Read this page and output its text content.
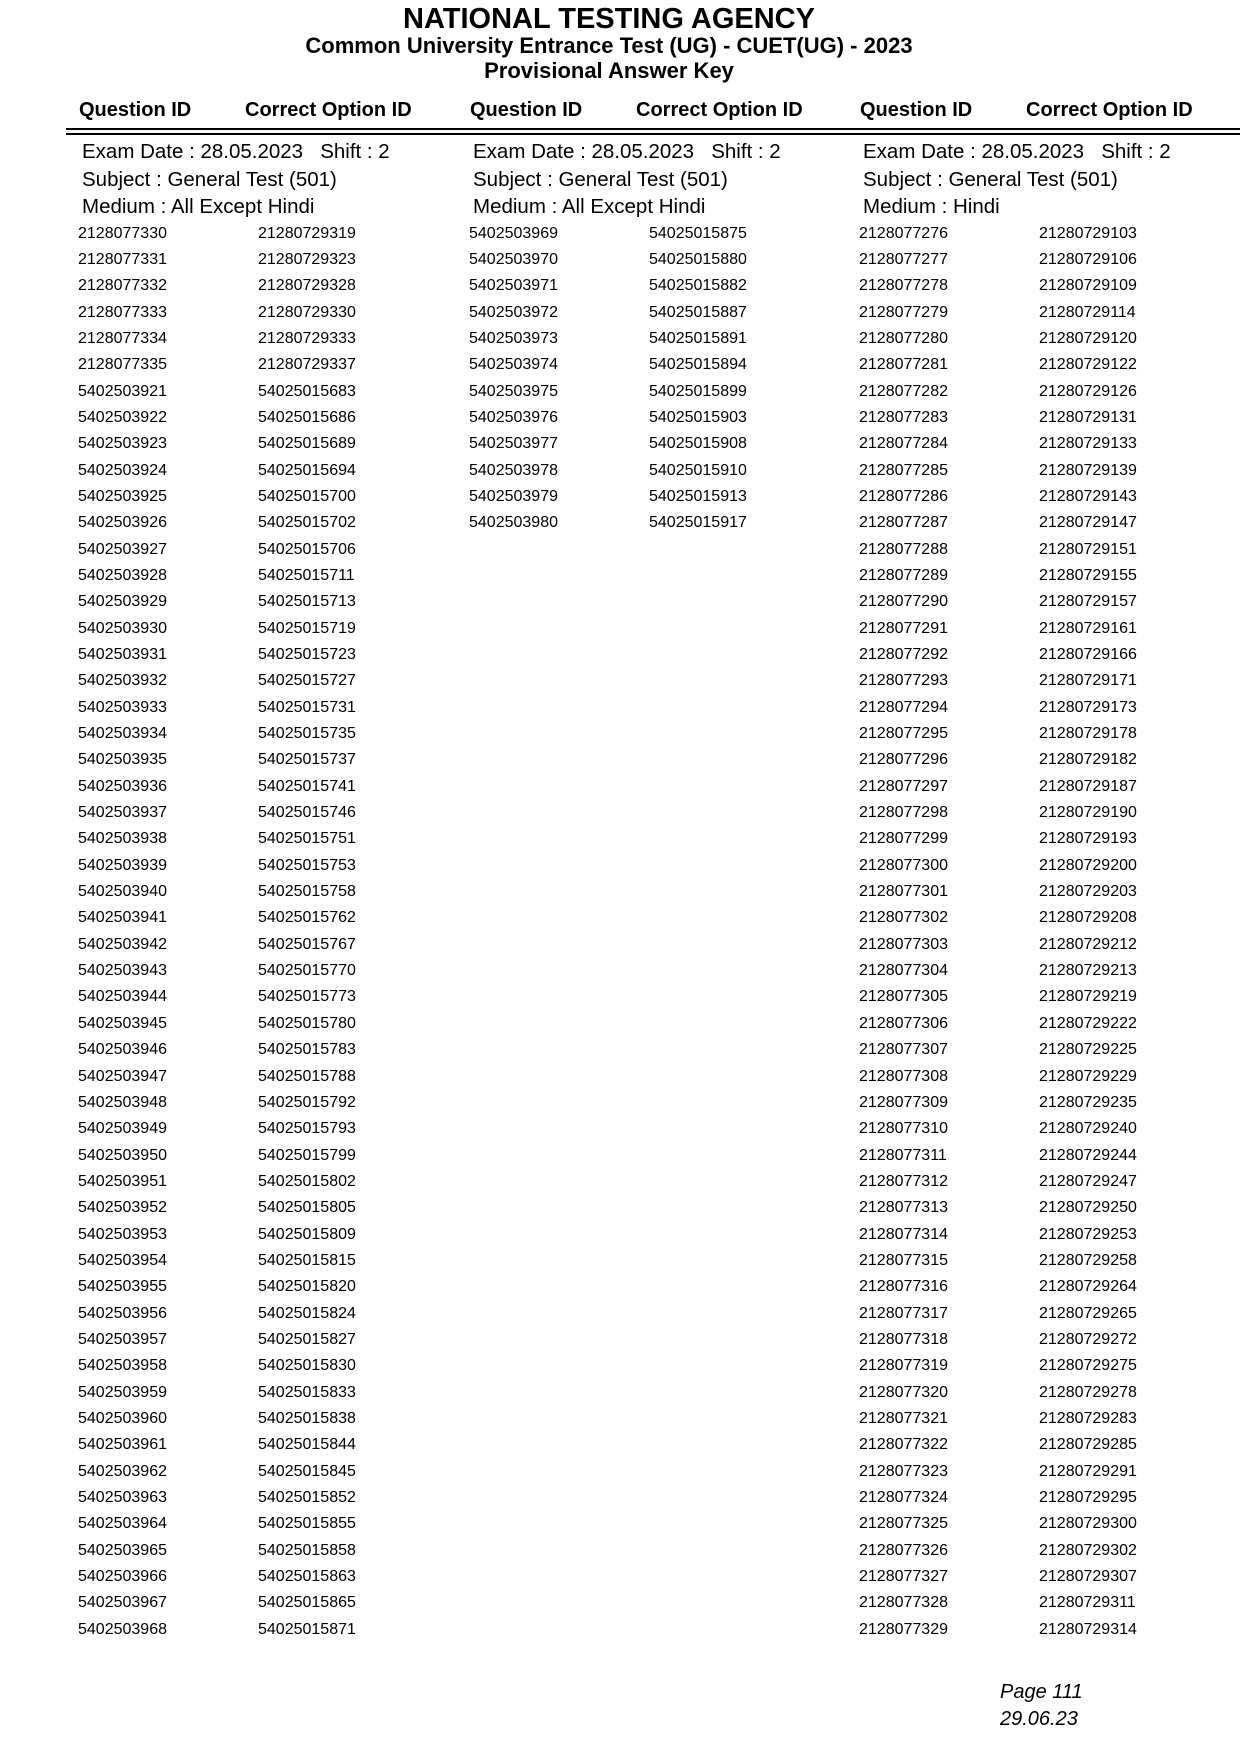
NATIONAL TESTING AGENCY
Common University Entrance Test (UG) - CUET(UG) - 2023
Provisional Answer Key
Question ID	Correct Option ID	Question ID	Correct Option ID	Question ID	Correct Option ID
Exam Date : 28.05.2023 Shift : 2
Subject : General Test (501)
Medium : All Except Hindi
2128077330	21280729319
2128077331	21280729323
2128077332	21280729328
2128077333	21280729330
2128077334	21280729333
2128077335	21280729337
5402503921	54025015683
5402503922	54025015686
5402503923	54025015689
5402503924	54025015694
5402503925	54025015700
5402503926	54025015702
5402503927	54025015706
5402503928	54025015711
5402503929	54025015713
5402503930	54025015719
5402503931	54025015723
5402503932	54025015727
5402503933	54025015731
5402503934	54025015735
5402503935	54025015737
5402503936	54025015741
5402503937	54025015746
5402503938	54025015751
5402503939	54025015753
5402503940	54025015758
5402503941	54025015762
5402503942	54025015767
5402503943	54025015770
5402503944	54025015773
5402503945	54025015780
5402503946	54025015783
5402503947	54025015788
5402503948	54025015792
5402503949	54025015793
5402503950	54025015799
5402503951	54025015802
5402503952	54025015805
5402503953	54025015809
5402503954	54025015815
5402503955	54025015820
5402503956	54025015824
5402503957	54025015827
5402503958	54025015830
5402503959	54025015833
5402503960	54025015838
5402503961	54025015844
5402503962	54025015845
5402503963	54025015852
5402503964	54025015855
5402503965	54025015858
5402503966	54025015863
5402503967	54025015865
5402503968	54025015871
Exam Date : 28.05.2023 Shift : 2
Subject : General Test (501)
Medium : All Except Hindi
5402503969	54025015875
5402503970	54025015880
5402503971	54025015882
5402503972	54025015887
5402503973	54025015891
5402503974	54025015894
5402503975	54025015899
5402503976	54025015903
5402503977	54025015908
5402503978	54025015910
5402503979	54025015913
5402503980	54025015917
Exam Date : 28.05.2023 Shift : 2
Subject : General Test (501)
Medium : Hindi
2128077276	21280729103
2128077277	21280729106
2128077278	21280729109
2128077279	21280729114
2128077280	21280729120
2128077281	21280729122
2128077282	21280729126
2128077283	21280729131
2128077284	21280729133
2128077285	21280729139
2128077286	21280729143
2128077287	21280729147
2128077288	21280729151
2128077289	21280729155
2128077290	21280729157
2128077291	21280729161
2128077292	21280729166
2128077293	21280729171
2128077294	21280729173
2128077295	21280729178
2128077296	21280729182
2128077297	21280729187
2128077298	21280729190
2128077299	21280729193
2128077300	21280729200
2128077301	21280729203
2128077302	21280729208
2128077303	21280729212
2128077304	21280729213
2128077305	21280729219
2128077306	21280729222
2128077307	21280729225
2128077308	21280729229
2128077309	21280729235
2128077310	21280729240
2128077311	21280729244
2128077312	21280729247
2128077313	21280729250
2128077314	21280729253
2128077315	21280729258
2128077316	21280729264
2128077317	21280729265
2128077318	21280729272
2128077319	21280729275
2128077320	21280729278
2128077321	21280729283
2128077322	21280729285
2128077323	21280729291
2128077324	21280729295
2128077325	21280729300
2128077326	21280729302
2128077327	21280729307
2128077328	21280729311
2128077329	21280729314
Page 111
29.06.23
